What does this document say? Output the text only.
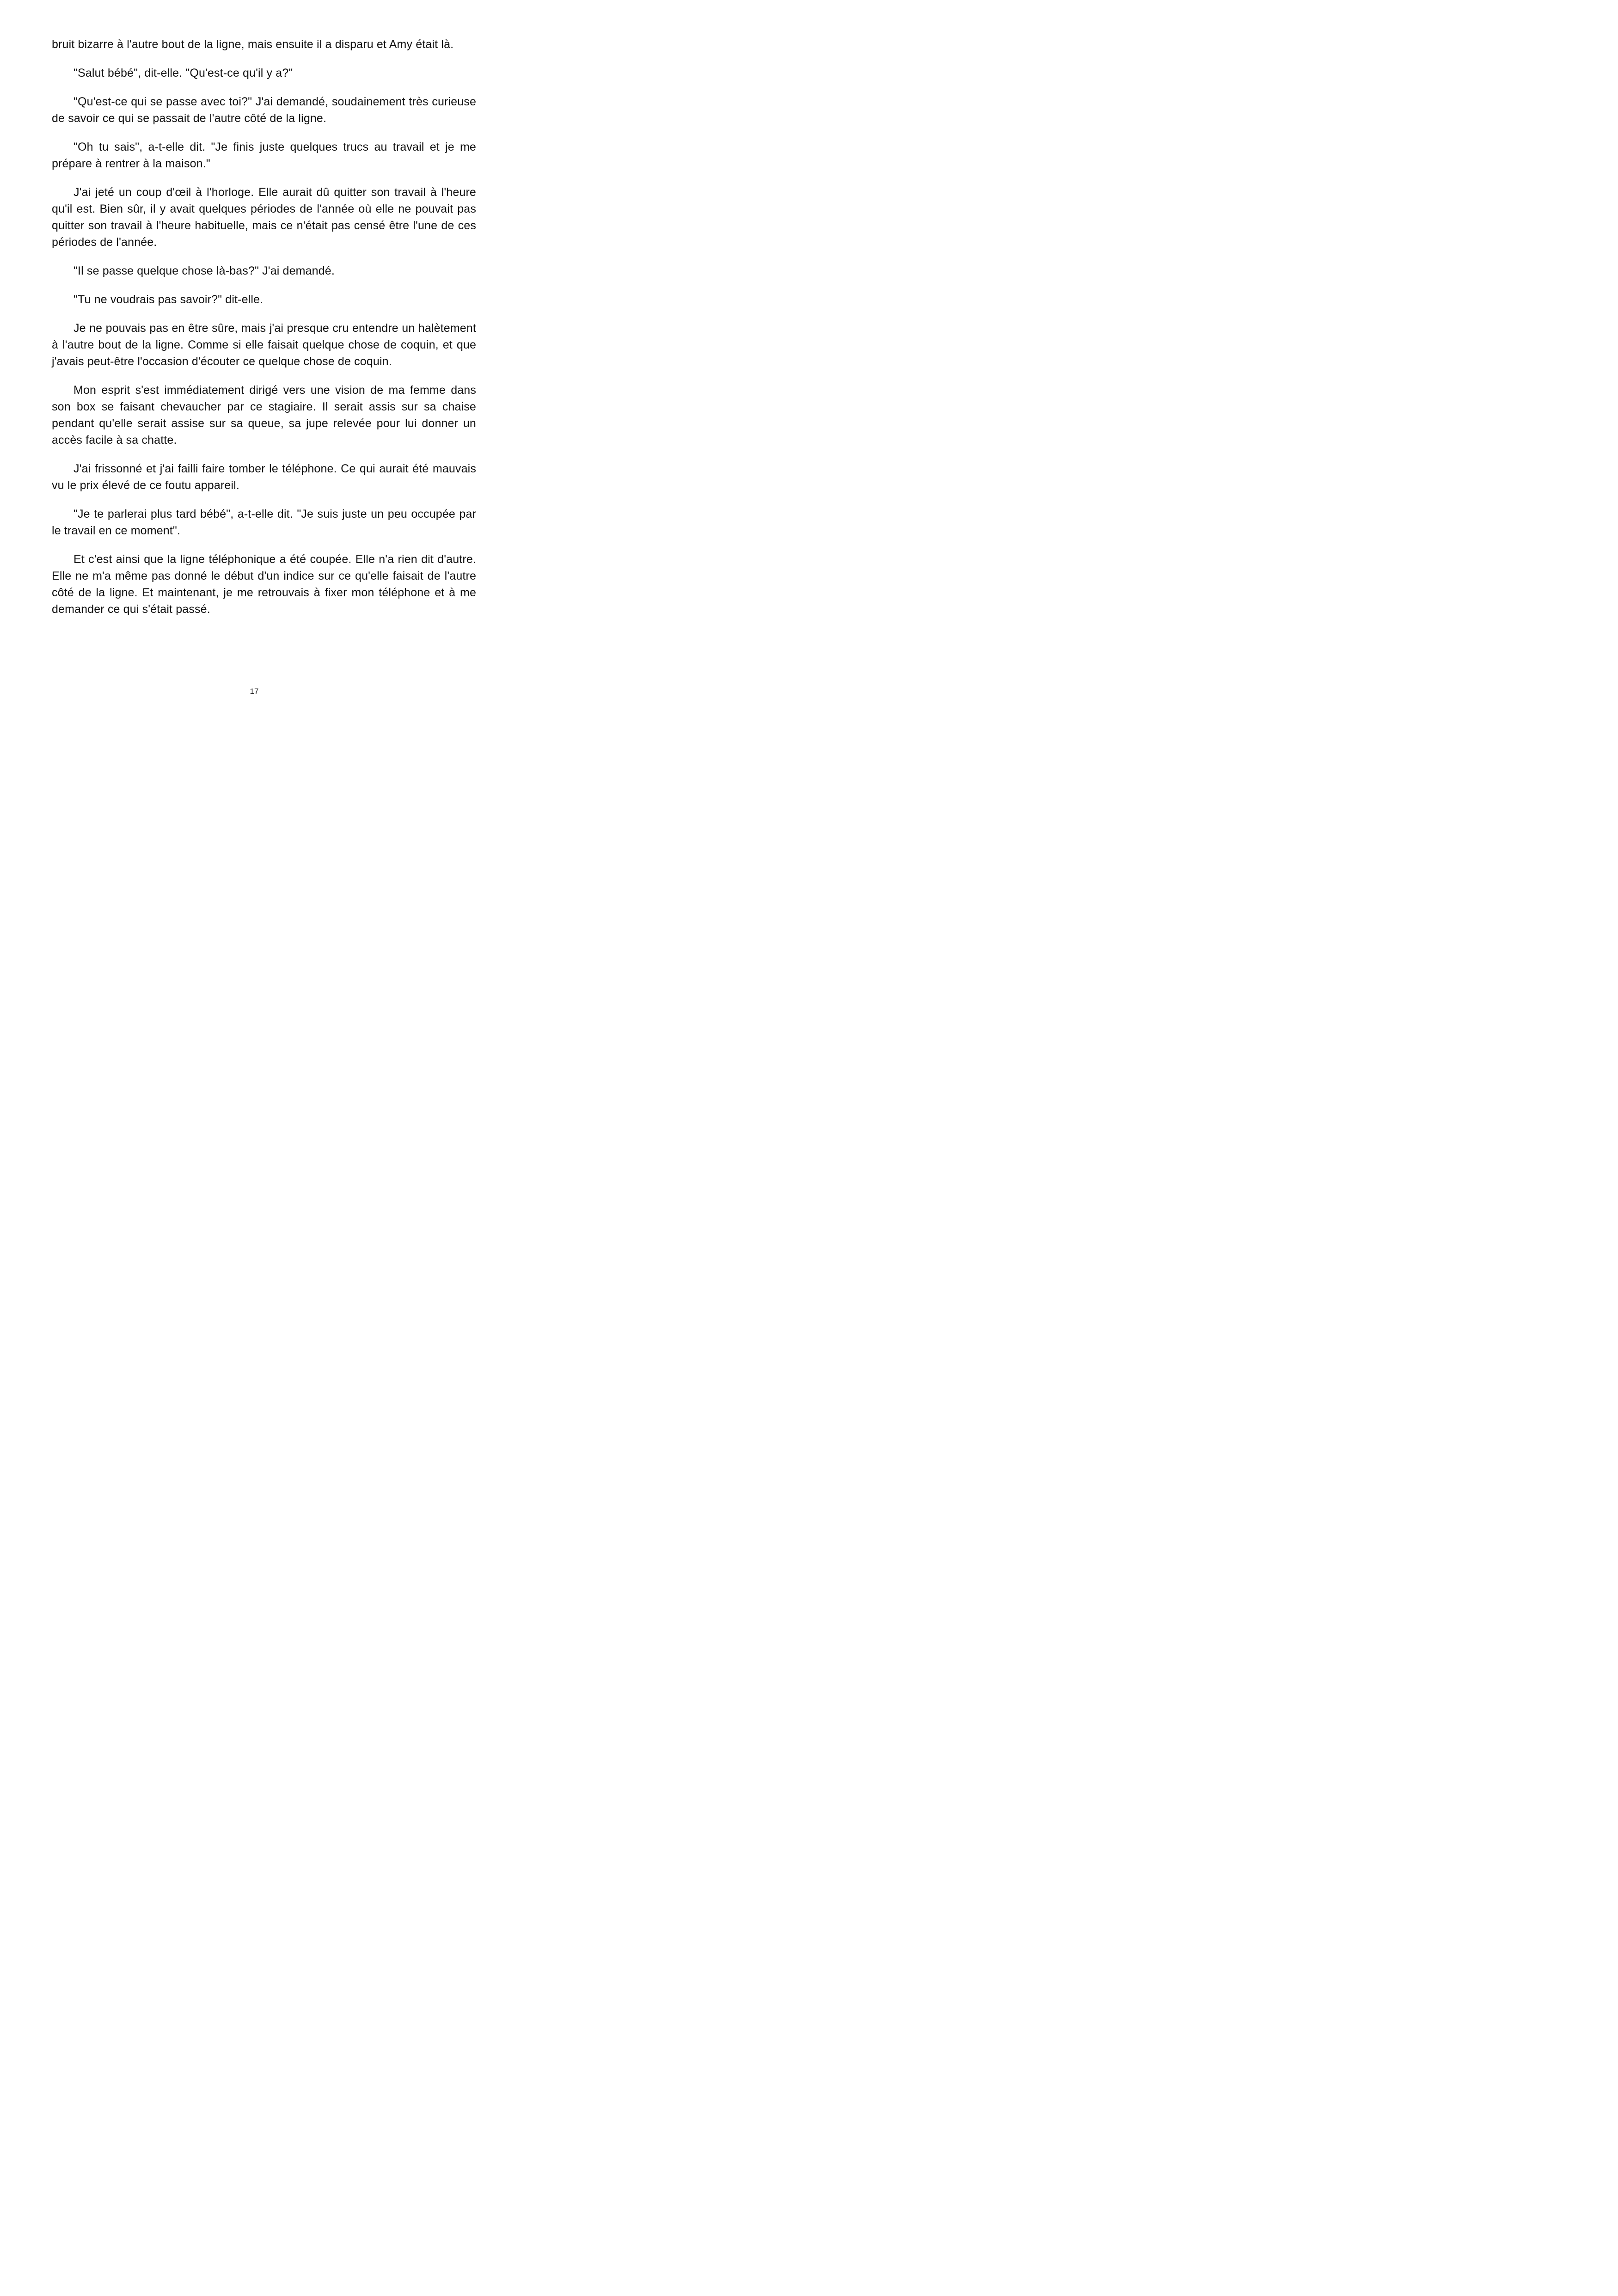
bruit bizarre à l'autre bout de la ligne, mais ensuite il a disparu et Amy était là.

"Salut bébé", dit-elle. "Qu'est-ce qu'il y a?"

"Qu'est-ce qui se passe avec toi?" J'ai demandé, soudainement très curieuse de savoir ce qui se passait de l'autre côté de la ligne.

"Oh tu sais", a-t-elle dit. "Je finis juste quelques trucs au travail et je me prépare à rentrer à la maison."

J'ai jeté un coup d'œil à l'horloge. Elle aurait dû quitter son travail à l'heure qu'il est. Bien sûr, il y avait quelques périodes de l'année où elle ne pouvait pas quitter son travail à l'heure habituelle, mais ce n'était pas censé être l'une de ces périodes de l'année.

"Il se passe quelque chose là-bas?" J'ai demandé.

"Tu ne voudrais pas savoir?" dit-elle.

Je ne pouvais pas en être sûre, mais j'ai presque cru entendre un halètement à l'autre bout de la ligne. Comme si elle faisait quelque chose de coquin, et que j'avais peut-être l'occasion d'écouter ce quelque chose de coquin.

Mon esprit s'est immédiatement dirigé vers une vision de ma femme dans son box se faisant chevaucher par ce stagiaire. Il serait assis sur sa chaise pendant qu'elle serait assise sur sa queue, sa jupe relevée pour lui donner un accès facile à sa chatte.

J'ai frissonné et j'ai failli faire tomber le téléphone. Ce qui aurait été mauvais vu le prix élevé de ce foutu appareil.

"Je te parlerai plus tard bébé", a-t-elle dit. "Je suis juste un peu occupée par le travail en ce moment".

Et c'est ainsi que la ligne téléphonique a été coupée. Elle n'a rien dit d'autre. Elle ne m'a même pas donné le début d'un indice sur ce qu'elle faisait de l'autre côté de la ligne. Et maintenant, je me retrouvais à fixer mon téléphone et à me demander ce qui s'était passé.

17
